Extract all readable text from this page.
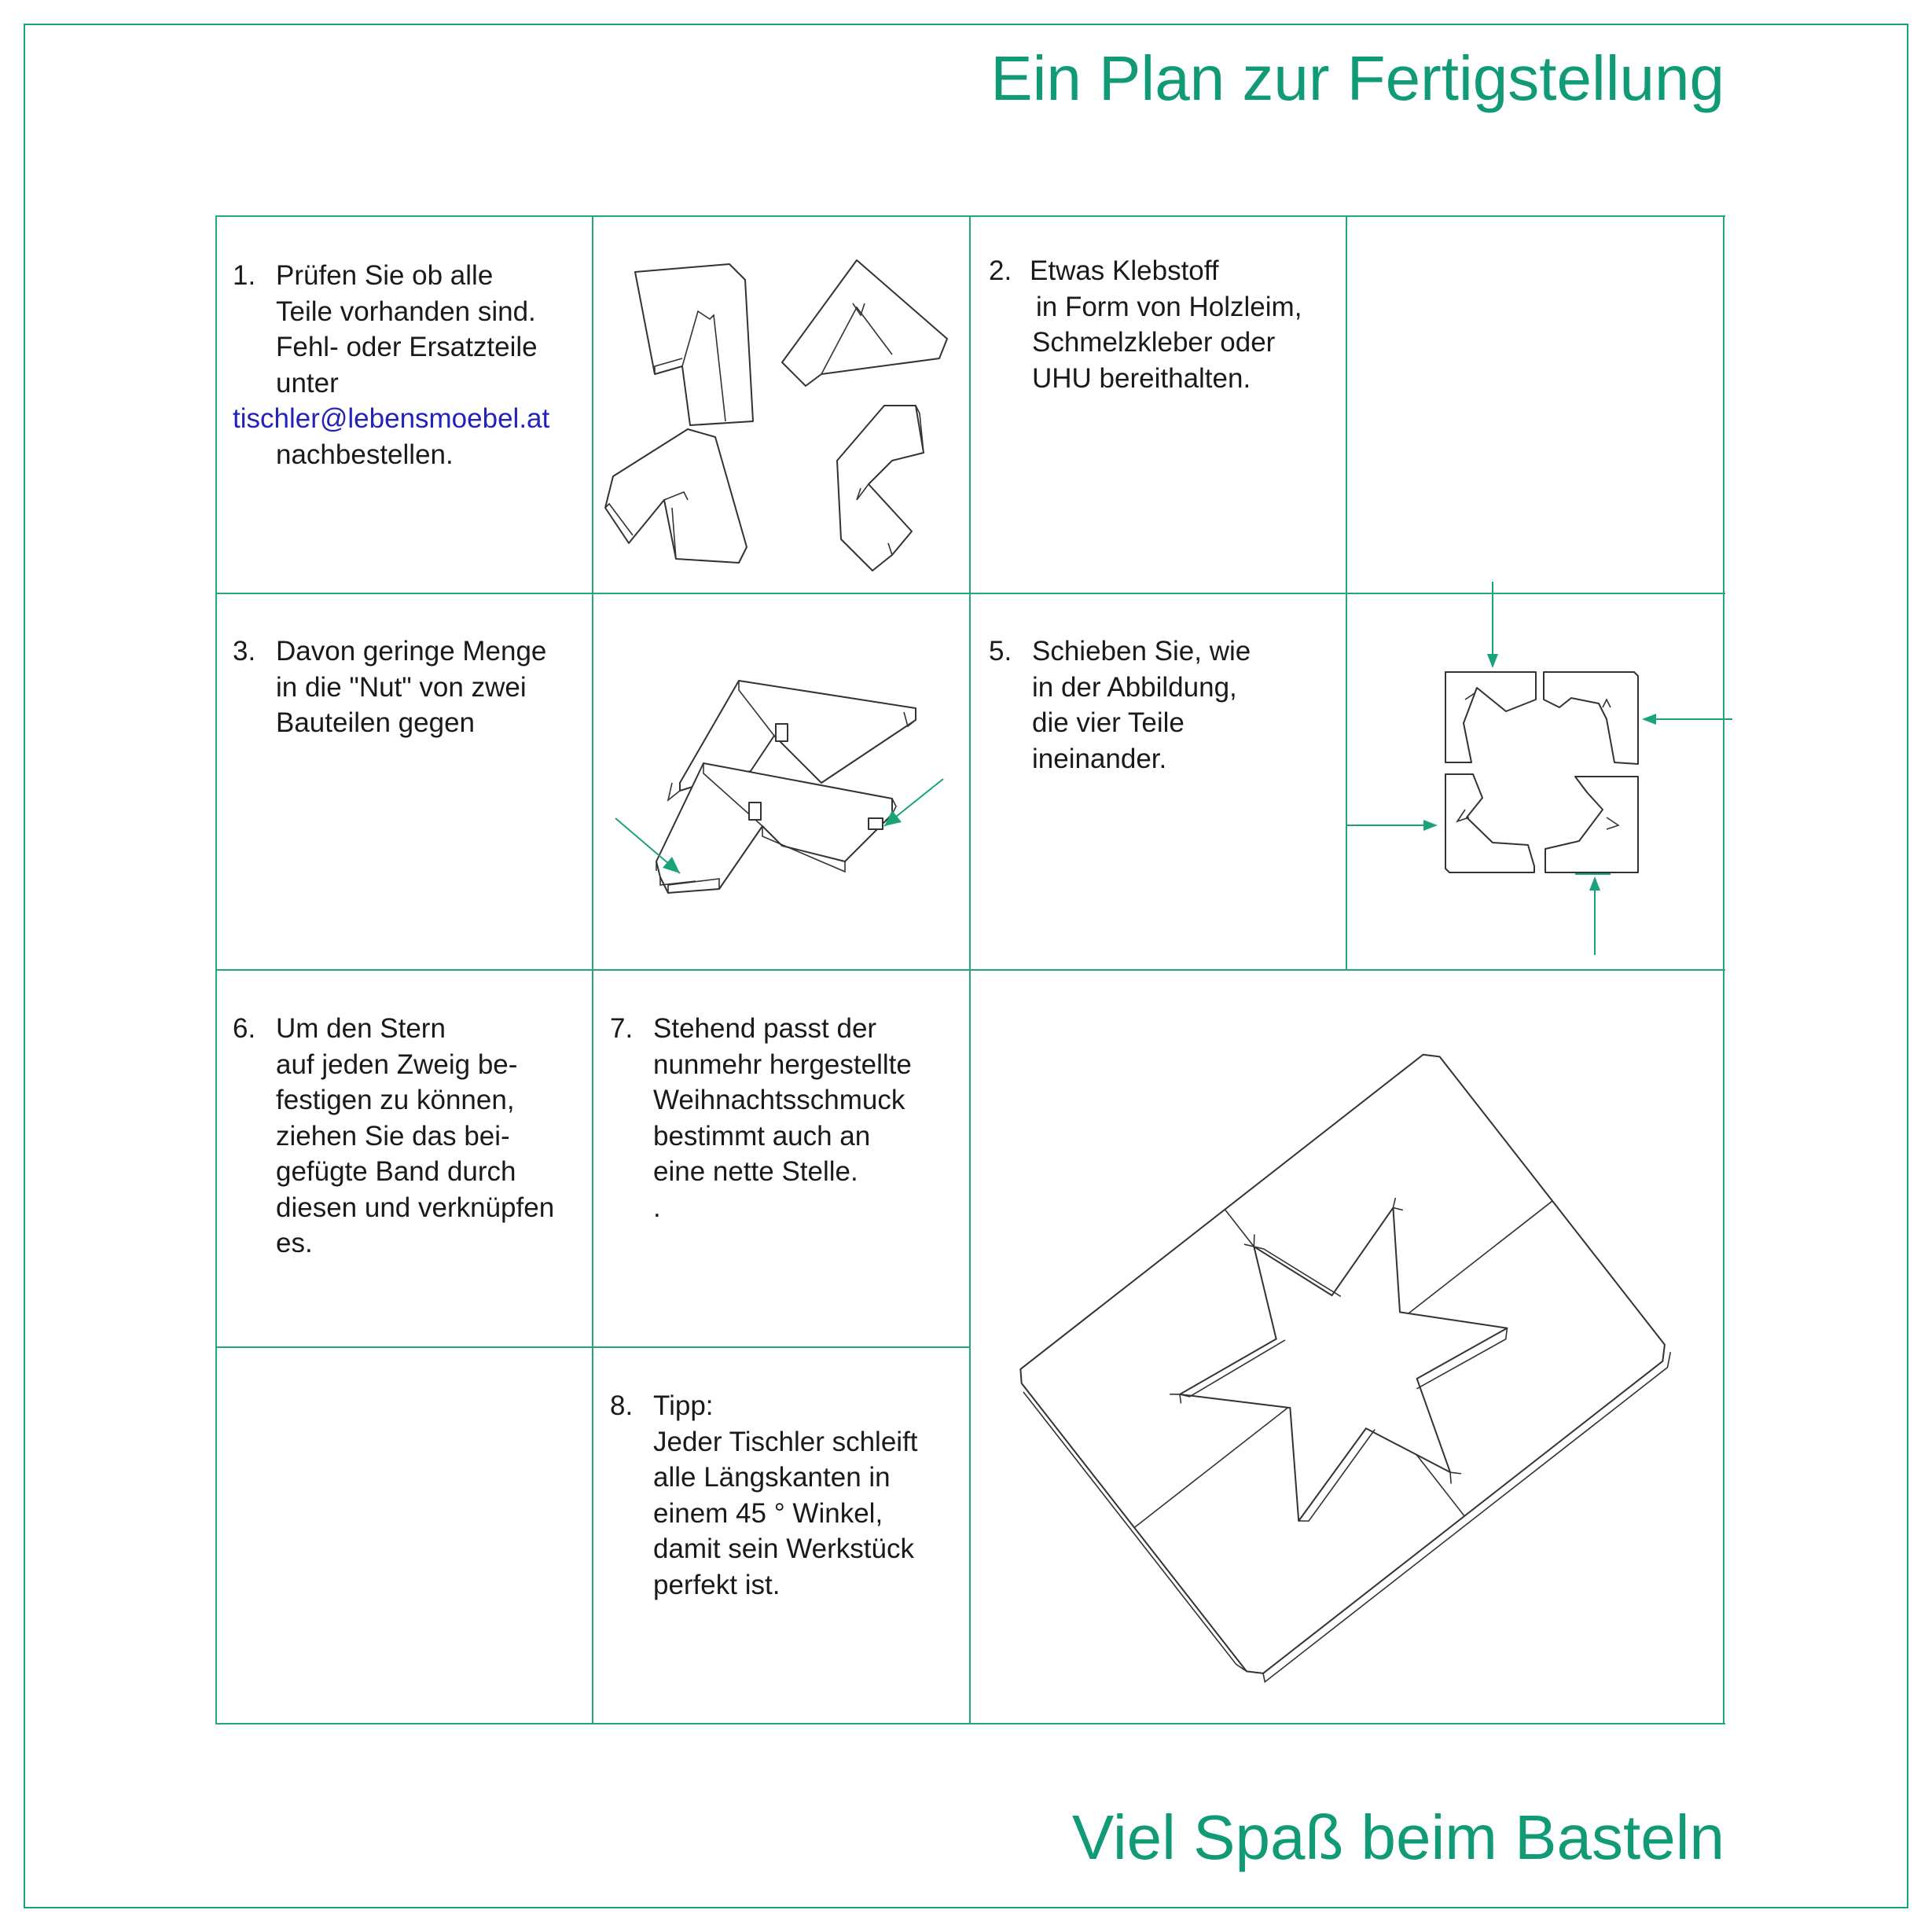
Ein Plan zur Fertigstellung
1. Prüfen Sie ob alle
Teile vorhanden sind.
Fehl- oder Ersatzteile
unter
tischler@lebensmoebel.at
nachbestellen.
2. Etwas Klebstoff
in Form von Holzleim,
Schmelzkleber oder
UHU bereithalten.
3. Davon geringe Menge
in die "Nut" von zwei
Bauteilen gegen
5. Schieben Sie, wie
in der Abbildung,
die vier Teile
ineinander.
6. Um den Stern
auf jeden Zweig be-
festigen zu können,
ziehen Sie das bei-
gefügte Band durch
diesen und verknüpfen
es.
7. Stehend passt der
nunmehr hergestellte
Weihnachtsschmuck
bestimmt auch an
eine nette Stelle.
.
8. Tipp:
Jeder Tischler schleift
alle Längskanten in
einem 45 ° Winkel,
damit sein Werkstück
perfekt ist.
Viel Spaß beim Basteln
